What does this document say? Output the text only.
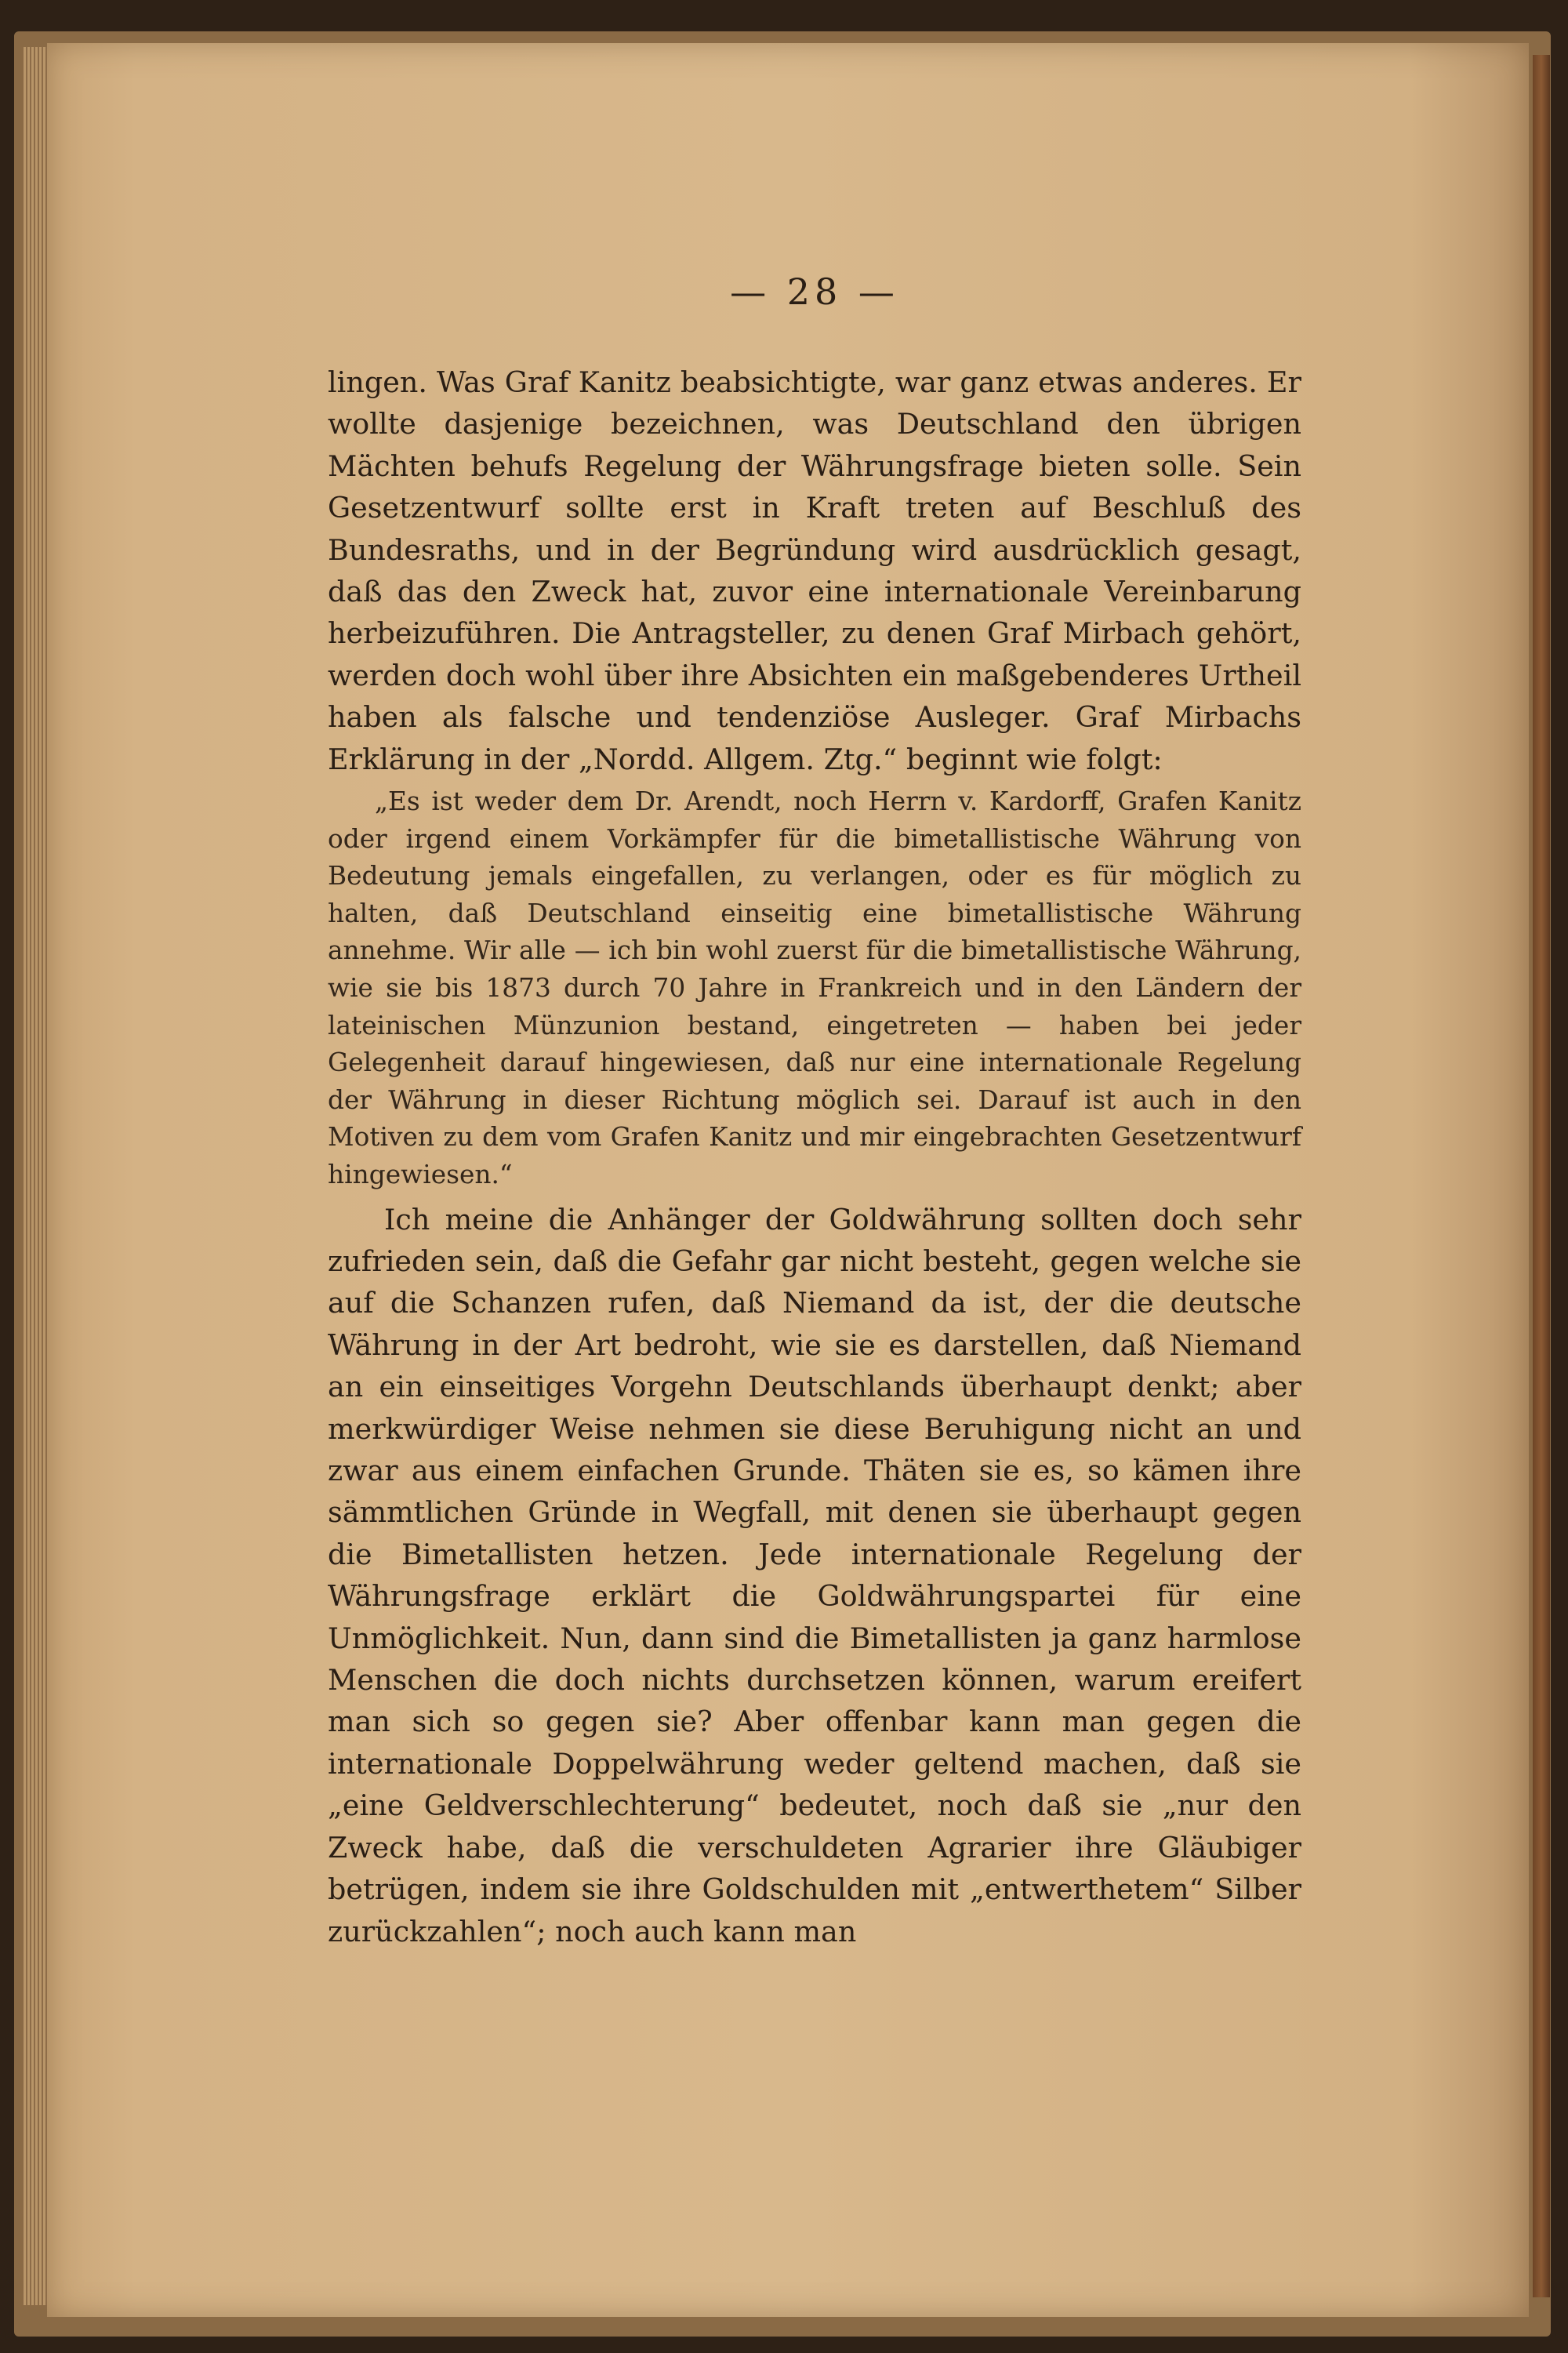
— 28 —

lingen. Was Graf Kanitz beabsichtigte, war ganz etwas anderes. Er wollte dasjenige bezeichnen, was Deutschland den übrigen Mächten behufs Regelung der Währungsfrage bieten solle. Sein Gesetzentwurf sollte erst in Kraft treten auf Beschluß des Bundesraths, und in der Begründung wird ausdrücklich gesagt, daß das den Zweck hat, zuvor eine internationale Vereinbarung herbeizuführen. Die Antragsteller, zu denen Graf Mirbach gehört, werden doch wohl über ihre Absichten ein maßgebenderes Urtheil haben als falsche und tendenziöse Ausleger. Graf Mirbachs Erklärung in der „Nordd. Allgem. Ztg.“ beginnt wie folgt:

„Es ist weder dem Dr. Arendt, noch Herrn v. Kardorff, Grafen Kanitz oder irgend einem Vorkämpfer für die bimetallistische Währung von Bedeutung jemals eingefallen, zu verlangen, oder es für möglich zu halten, daß Deutschland einseitig eine bimetallistische Währung annehme. Wir alle — ich bin wohl zuerst für die bimetallistische Währung, wie sie bis 1873 durch 70 Jahre in Frankreich und in den Ländern der lateinischen Münzunion bestand, eingetreten — haben bei jeder Gelegenheit darauf hingewiesen, daß nur eine internationale Regelung der Währung in dieser Richtung möglich sei. Darauf ist auch in den Motiven zu dem vom Grafen Kanitz und mir eingebrachten Gesetzentwurf hingewiesen.“

Ich meine die Anhänger der Goldwährung sollten doch sehr zufrieden sein, daß die Gefahr gar nicht besteht, gegen welche sie auf die Schanzen rufen, daß Niemand da ist, der die deutsche Währung in der Art bedroht, wie sie es darstellen, daß Niemand an ein einseitiges Vorgehn Deutschlands überhaupt denkt; aber merkwürdiger Weise nehmen sie diese Beruhigung nicht an und zwar aus einem einfachen Grunde. Thäten sie es, so kämen ihre sämmtlichen Gründe in Wegfall, mit denen sie überhaupt gegen die Bimetallisten hetzen. Jede internationale Regelung der Währungsfrage erklärt die Goldwährungspartei für eine Unmöglichkeit. Nun, dann sind die Bimetallisten ja ganz harmlose Menschen die doch nichts durchsetzen können, warum ereifert man sich so gegen sie? Aber offenbar kann man gegen die internationale Doppelwährung weder geltend machen, daß sie „eine Geldverschlechterung“ bedeutet, noch daß sie „nur den Zweck habe, daß die verschuldeten Agrarier ihre Gläubiger betrügen, indem sie ihre Goldschulden mit „entwerthetem“ Silber zurückzahlen“; noch auch kann man
